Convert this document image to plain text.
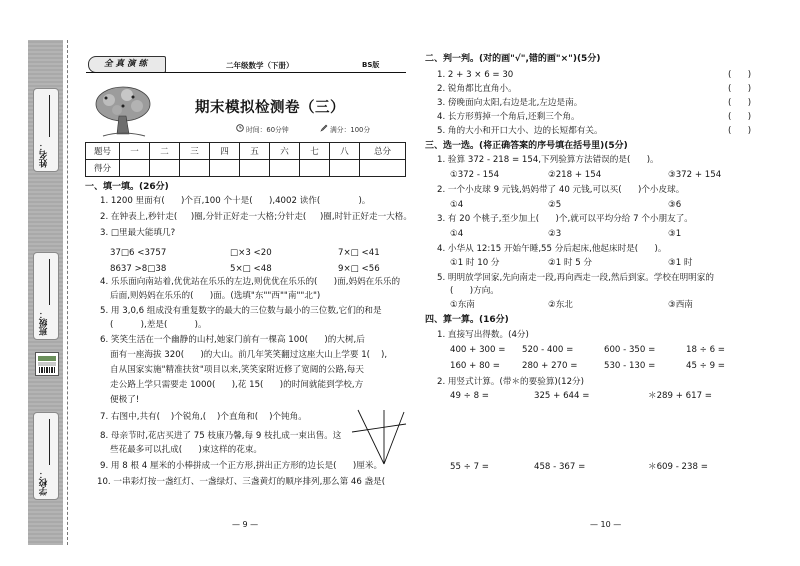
姓名：
班级：
学校：
全真演练	二年级数学（下册）	BS版
期末模拟检测卷（三）
时间：60分钟	满分：100分
题号	一	二	三	四	五	六	七	八	总分
得分									
一、填一填。(26分)
1. 1200 里面有(      )个百,100 个十是(      ),4002 读作(              )。
2. 在钟表上,秒针走(     )圈,分针正好走一大格;分针走(     )圈,时针正好走一大格。
3. □里最大能填几?
37□6 <3757	□×3 <20	7×□ <41
8637 >8□38	5×□ <48	9×□ <56
4. 乐乐面向南站着,优优站在乐乐的左边,则优优在乐乐的(      )面,妈妈在乐乐的
后面,则妈妈在乐乐的(      )面。(选填"东""西""南""北")
5. 用 3,0,6 组成没有重复数字的最大的三位数与最小的三位数,它们的和是
(          ),差是(          )。
6. 笑笑生活在一个幽静的山村,她家门前有一棵高 100(      )的大树,后
面有一座海拔 320(      )的大山。前几年笑笑翻过这座大山上学要 1(    ),
自从国家实施"精准扶贫"项目以来,笑笑家附近修了宽阔的公路,每天
走公路上学只需要走 1000(      ),花 15(      )的时间就能到学校,方
便极了!
7. 右图中,共有(    )个锐角,(    )个直角和(    )个钝角。
8. 母亲节时,花店买进了 75 枝康乃馨,每 9 枝扎成一束出售。这
些花最多可以扎成(      )束这样的花束。
9. 用 8 根 4 厘米的小棒拼成一个正方形,拼出正方形的边长是(      )厘米。
10. 一串彩灯按一盏红灯、一盏绿灯、三盏黄灯的顺序排列,那么第 46 盏是(
— 9 —
二、判一判。(对的画"√",错的画"×")(5分)
1. 2 + 3 × 6 = 30	(      )
2. 锐角都比直角小。	(      )
3. 傍晚面向太阳,右边是北,左边是南。	(      )
4. 长方形剪掉一个角后,还剩三个角。	(      )
5. 角的大小和开口大小、边的长短都有关。	(      )
三、选一选。(将正确答案的序号填在括号里)(5分)
1. 验算 372 - 218 = 154,下列验算方法错误的是(      )。
①372 - 154	②218 + 154	③372 + 154
2. 一个小皮球 9 元钱,妈妈带了 40 元钱,可以买(      )个小皮球。
①4	②5	③6
3. 有 20 个桃子,至少加上(      )个,就可以平均分给 7 个小朋友了。
①4	②3	③1
4. 小华从 12:15 开始午睡,55 分后起床,他起床时是(      )。
①1 时 10 分	②1 时 5 分	③1 时
5. 明明放学回家,先向南走一段,再向西走一段,然后到家。学校在明明家的
(      )方向。
①东南	②东北	③西南
四、算一算。(16分)
1. 直接写出得数。(4分)
400 + 300 = 520 - 400 =	600 - 350 =	18 ÷ 6 =
160 + 80 =	280 + 270 =	530 - 130 =	45 ÷ 9 =
2. 用竖式计算。(带＊的要验算)(12分)
49 ÷ 8 =	325 + 644 =	＊289 + 617 =
55 ÷ 7 =	458 - 367 =	＊609 - 238 =
— 10 —
